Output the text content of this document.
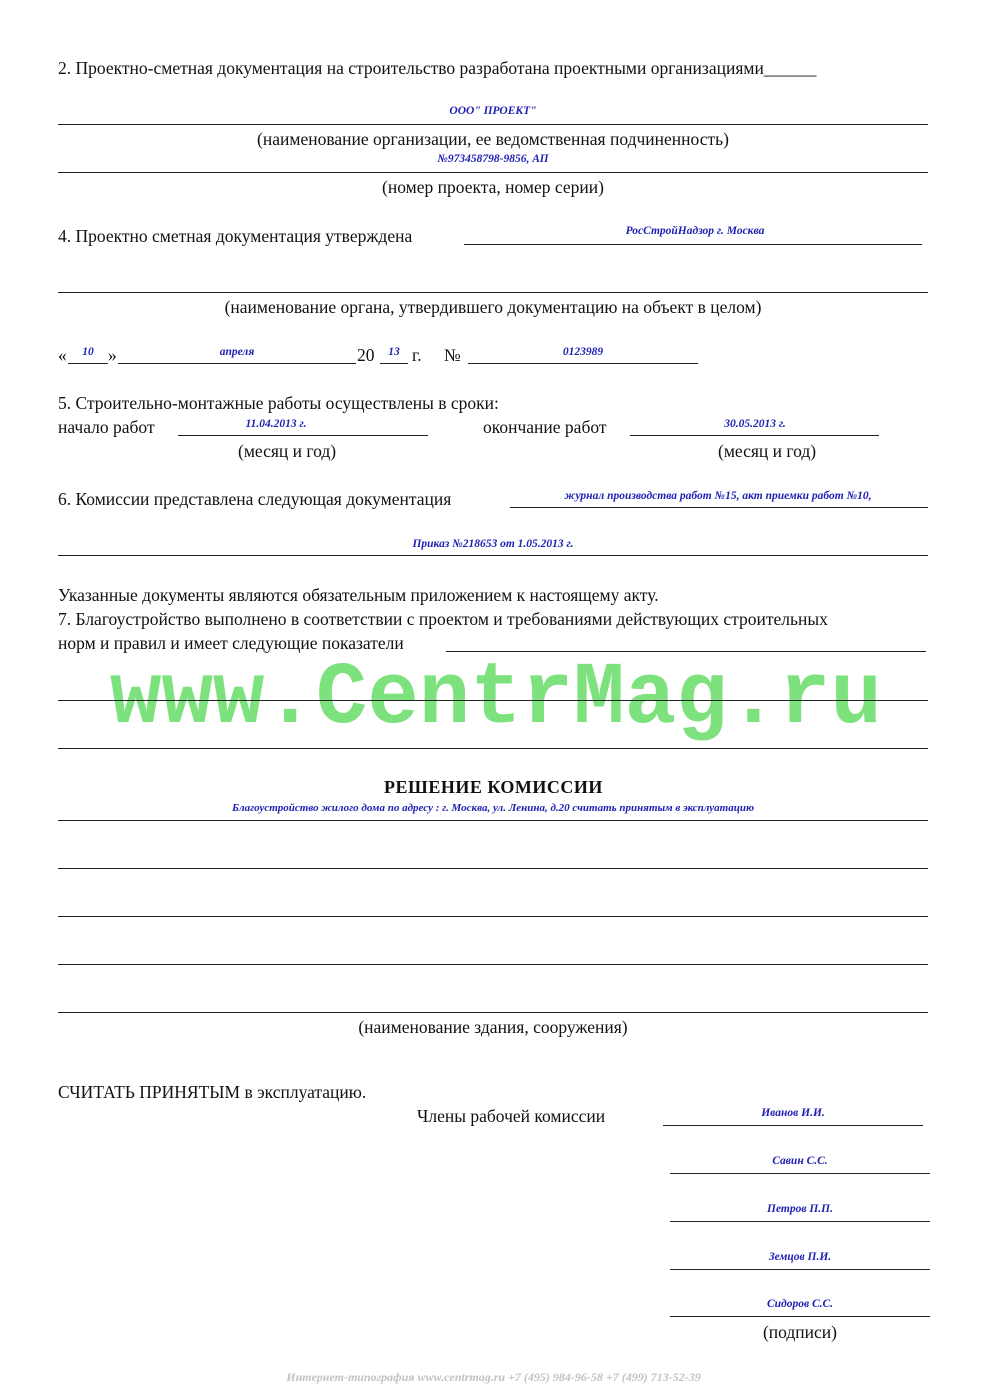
www.CentrMag.ru
2. Проектно-сметная документация на строительство разработана проектными организациями______
ООО" ПРОЕКТ"
(наименование организации, ее ведомственная подчиненность)
№973458798-9856, АП
(номер проекта, номер серии)
4. Проектно сметная документация утверждена	РосСтройНадзор г. Москва
(наименование органа, утвердившего документацию на объект в целом)
«	10 »	апреля	20	13 г. №	0123989
5. Строительно-монтажные работы осуществлены в сроки:
начало работ	11.04.2013 г.	окончание работ	30.05.2013 г.
(месяц и год)	(месяц и год)
6. Комиссии представлена следующая документация	журнал производства работ №15, акт приемки работ №10,
Приказ №218653 от 1.05.2013 г.
Указанные документы являются обязательным приложением к настоящему акту.
7. Благоустройство выполнено в соответствии с проектом и требованиями действующих строительных
норм и правил и имеет следующие показатели
РЕШЕНИЕ КОМИССИИ
Благоустройство жилого дома по адресу : г. Москва, ул. Ленина, д.20 считать принятым в эксплуатацию
(наименование здания, сооружения)
СЧИТАТЬ ПРИНЯТЫМ в эксплуатацию.
Члены рабочей комиссии	Иванов И.И.
Савин С.С.
Петров П.П.
Земцов П.И.
Сидоров С.С.
(подписи)
Интернет-типография www.centrmag.ru +7 (495) 984-96-58 +7 (499) 713-52-39
